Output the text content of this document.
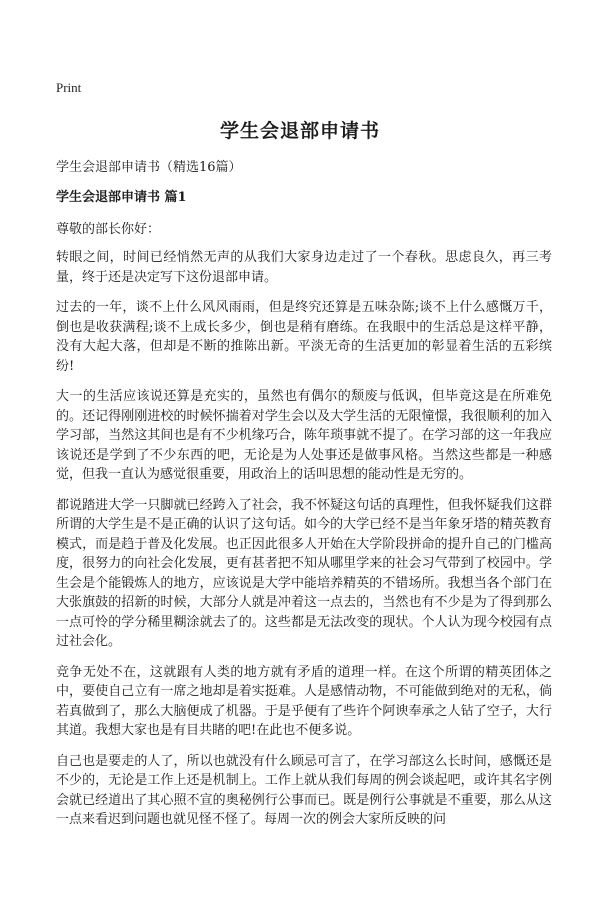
Print
学生会退部申请书
学生会退部申请书（精选16篇）
学生会退部申请书 篇1
尊敬的部长你好：

转眼之间，时间已经悄然无声的从我们大家身边走过了一个春秋。思虑良久，再三考量，终于还是决定写下这份退部申请。

过去的一年，谈不上什么风风雨雨，但是终究还算是五味杂陈;谈不上什么感慨万千，倒也是收获满程;谈不上成长多少，倒也是稍有磨练。在我眼中的生活总是这样平静，没有大起大落，但却是不断的推陈出新。平淡无奇的生活更加的彰显着生活的五彩缤纷!

大一的生活应该说还算是充实的，虽然也有偶尔的颓废与低讽，但毕竟这是在所难免的。还记得刚刚进校的时候怀揣着对学生会以及大学生活的无限憧憬，我很顺利的加入学习部，当然这其间也是有不少机缘巧合，陈年琐事就不提了。在学习部的这一年我应该说还是学到了不少东西的吧，无论是为人处事还是做事风格。当然这些都是一种感觉，但我一直认为感觉很重要，用政治上的话叫思想的能动性是无穷的。

都说踏进大学一只脚就已经跨入了社会，我不怀疑这句话的真理性，但我怀疑我们这群所谓的大学生是不是正确的认识了这句话。如今的大学已经不是当年象牙塔的精英教育模式，而是趋于普及化发展。也正因此很多人开始在大学阶段拼命的提升自己的门槛高度，很努力的向社会化发展，更有甚者把不知从哪里学来的社会习气带到了校园中。学生会是个能锻炼人的地方，应该说是大学中能培养精英的不错场所。我想当各个部门在大张旗鼓的招新的时候，大部分人就是冲着这一点去的，当然也有不少是为了得到那么一点可怜的学分稀里糊涂就去了的。这些都是无法改变的现状。个人认为现今校园有点过社会化。

竞争无处不在，这就跟有人类的地方就有矛盾的道理一样。在这个所谓的精英团体之中，要使自己立有一席之地却是着实挺难。人是感情动物，不可能做到绝对的无私，倘若真做到了，那么大脑便成了机器。于是乎便有了些许个阿谀奉承之人钻了空子，大行其道。我想大家也是有目共睹的吧!在此也不便多说。

自己也是要走的人了，所以也就没有什么顾忌可言了，在学习部这么长时间，感慨还是不少的，无论是工作上还是机制上。工作上就从我们每周的例会谈起吧，或许其名字例会就已经道出了其心照不宣的奥秘例行公事而已。既是例行公事就是不重要，那么从这一点来看迟到问题也就见怪不怪了。每周一次的例会大家所反映的问
